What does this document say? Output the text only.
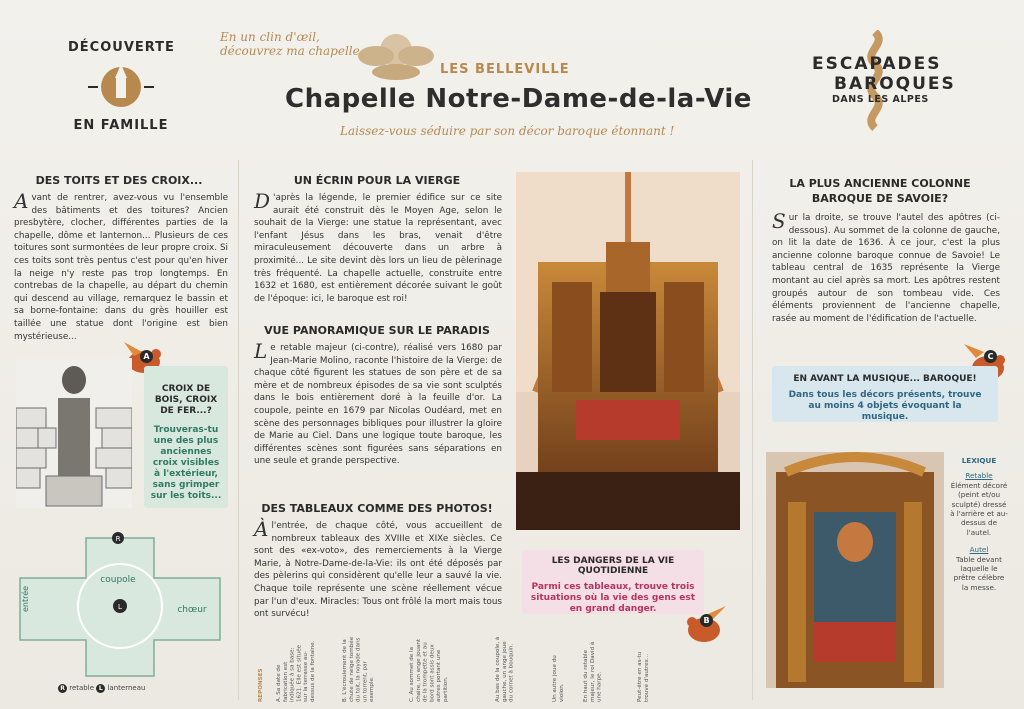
DÉCOUVERTE
EN FAMILLE
En un clin d'œil,
découvrez ma chapelle
LES BELLEVILLE
Chapelle Notre-Dame-de-la-Vie
Laissez-vous séduire par son décor baroque étonnant !
ESCAPADES
BAROQUES
DANS LES ALPES
DES TOITS ET DES CROIX...
Avant de rentrer, avez-vous vu l'ensemble des bâtiments et des toitures? Ancien presbytère, clocher, différentes parties de la chapelle, dôme et lanternon... Plusieurs de ces toitures sont surmontées de leur propre croix. Si ces toits sont très pentus c'est pour qu'en hiver la neige n'y reste pas trop longtemps. En contrebas de la chapelle, au départ du chemin qui descend au village, remarquez le bassin et sa borne-fontaine: dans du grès houiller est taillée une statue dont l'origine est bien mystérieuse...
A
CROIX DE BOIS, CROIX DE FER...?
Trouveras-tu une des plus anciennes croix visibles à l'extérieur, sans grimper sur les toits...
L
R
coupole
chœur
entrée
R retable L lanterneau
UN ÉCRIN POUR LA VIERGE
D 'après la légende, le premier édifice sur ce site aurait été construit dès le Moyen Age, selon le souhait de la Vierge: une statue la représentant, avec l'enfant Jésus dans les bras, venait d'être miraculeusement découverte dans un arbre à proximité... Le site devint dès lors un lieu de pèlerinage très fréquenté. La chapelle actuelle, construite entre 1632 et 1680, est entièrement décorée suivant le goût de l'époque: ici, le baroque est roi!
VUE PANORAMIQUE SUR LE PARADIS
Le retable majeur (ci-contre), réalisé vers 1680 par Jean-Marie Molino, raconte l'histoire de la Vierge: de chaque côté figurent les statues de son père et de sa mère et de nombreux épisodes de sa vie sont sculptés dans le bois entièrement doré à la feuille d'or. La coupole, peinte en 1679 par Nicolas Oudéard, met en scène des personnages bibliques pour illustrer la gloire de Marie au Ciel. Dans une logique toute baroque, les différentes scènes sont figurées sans séparations en une seule et grande perspective.
DES TABLEAUX COMME DES PHOTOS!
À l'entrée, de chaque côté, vous accueillent de nombreux tableaux des XVIIIe et XIXe siècles. Ce sont des «ex-voto», des remerciements à la Vierge Marie, à Notre-Dame-de-la-Vie: ils ont été déposés par des pèlerins qui considèrent qu'elle leur a sauvé la vie. Chaque toile représente une scène réellement vécue par l'un d'eux. Miracles: Tous ont frôlé la mort mais tous ont survécu!
RÉPONSES A. Sa date de fabrication est indiquée à sa base: 1621. Elle est située sur la terrasse au-dessus de la fontaine.	B. L'écroulement de la chute de neige tombée du toit, la noyade dans un torrent, par exemple.	C. Au sommet de la chaire, un ange jouant de la trompette et au bord sont assis deux autres portant une partition.	Au bas de la coupole, à gauche, un ange joue du cornet à bouquin.	Un autre joue du violon.	En haut du retable majeur, le roi David à une harpe.	Peut-être en as-tu trouvé d'autres...
LES DANGERS DE LA VIE QUOTIDIENNE
Parmi ces tableaux, trouve trois situations où la vie des gens est en grand danger.
B
LA PLUS ANCIENNE COLONNE BAROQUE DE SAVOIE?
Sur la droite, se trouve l'autel des apôtres (ci-dessous). Au sommet de la colonne de gauche, on lit la date de 1636. À ce jour, c'est la plus ancienne colonne baroque connue de Savoie! Le tableau central de 1635 représente la Vierge montant au ciel après sa mort. Les apôtres restent groupés autour de son tombeau vide. Ces éléments proviennent de l'ancienne chapelle, rasée au moment de l'édification de l'actuelle.
C
EN AVANT LA MUSIQUE... BAROQUE!
Dans tous les décors présents, trouve au moins 4 objets évoquant la musique.
LEXIQUE
Retable
Élément décoré (peint et/ou sculpté) dressé à l'arrière et au-dessus de l'autel.
Autel
Table devant laquelle le prêtre célèbre la messe.
